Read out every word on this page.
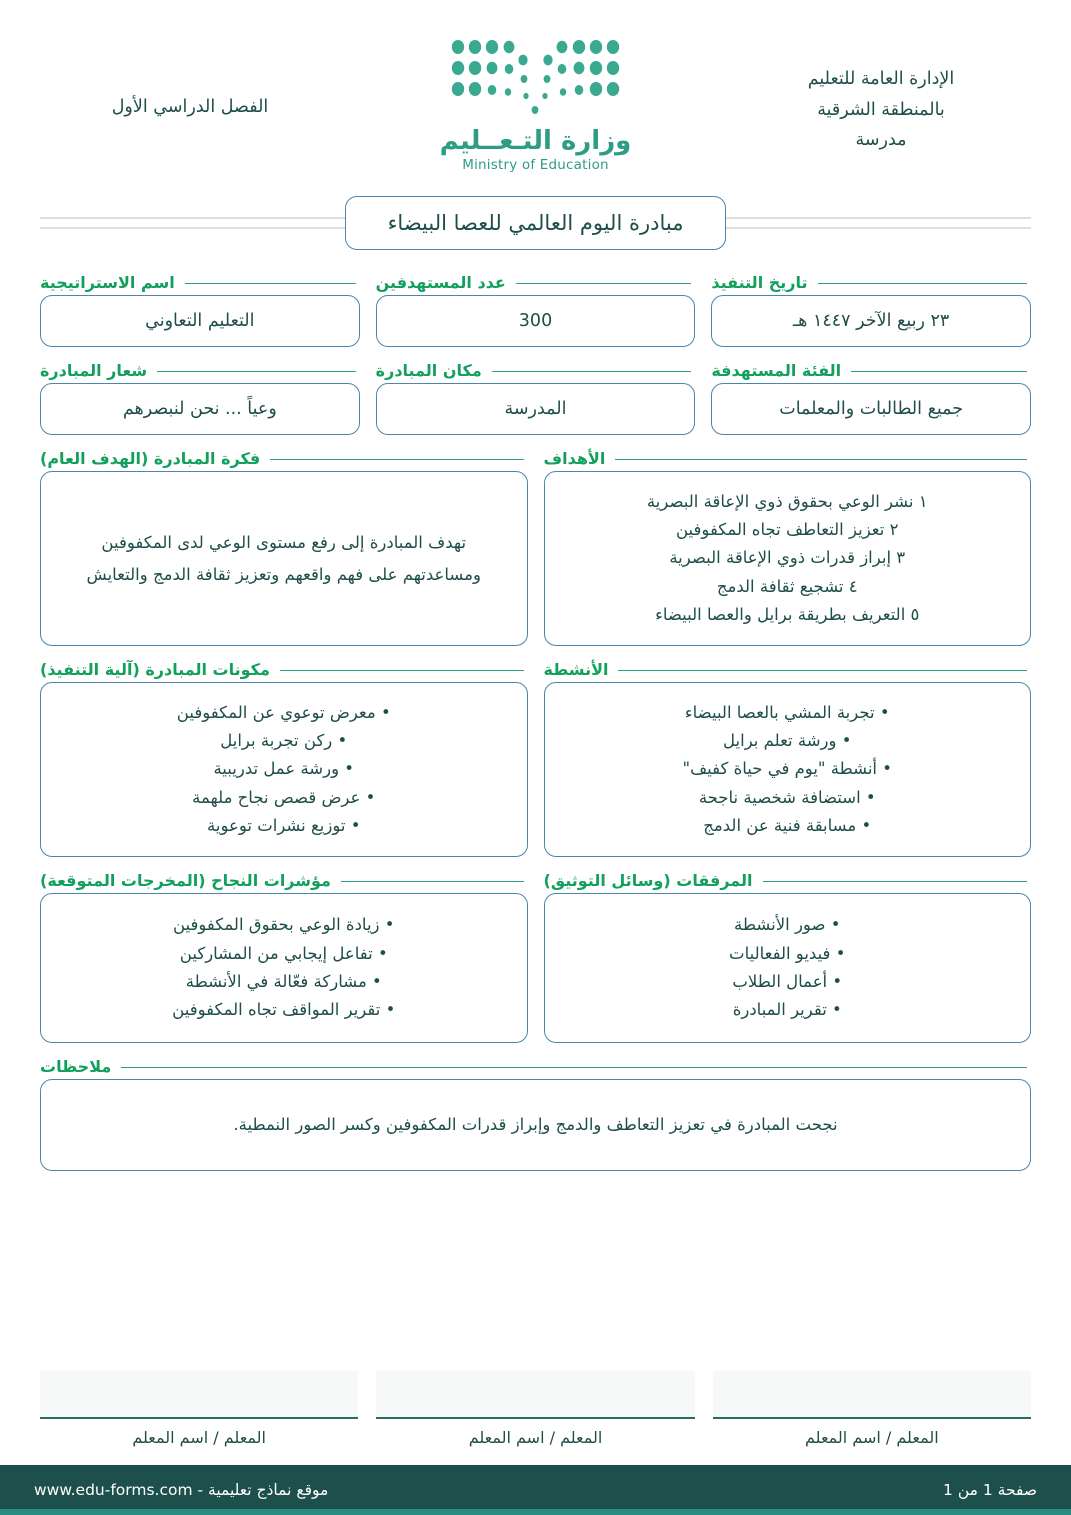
الإدارة العامة للتعليم
بالمنطقة الشرقية
مدرسة
وزارة التـعــليم
Ministry of Education
الفصل الدراسي الأول
مبادرة اليوم العالمي للعصا البيضاء
تاريخ التنفيذ
٢٣ ربيع الآخر ١٤٤٧ هـ
عدد المستهدفين
300
اسم الاستراتيجية
التعليم التعاوني
الفئة المستهدفة
جميع الطالبات والمعلمات
مكان المبادرة
المدرسة
شعار المبادرة
وعياً ... نحن لنبصرهم
الأهداف
١ نشر الوعي بحقوق ذوي الإعاقة البصرية
٢ تعزيز التعاطف تجاه المكفوفين
٣ إبراز قدرات ذوي الإعاقة البصرية
٤ تشجيع ثقافة الدمج
٥ التعريف بطريقة برايل والعصا البيضاء
فكرة المبادرة (الهدف العام)

تهدف المبادرة إلى رفع مستوى الوعي لدى المكفوفين ومساعدتهم على فهم واقعهم وتعزيز ثقافة الدمج والتعايش

الأنشطة
• تجربة المشي بالعصا البيضاء
• ورشة تعلم برايل
• أنشطة "يوم في حياة كفيف"
• استضافة شخصية ناجحة
• مسابقة فنية عن الدمج
مكونات المبادرة (آلية التنفيذ)
• معرض توعوي عن المكفوفين
• ركن تجربة برايل
• ورشة عمل تدريبية
• عرض قصص نجاح ملهمة
• توزيع نشرات توعوية
المرفقات (وسائل التوثيق)
• صور الأنشطة
• فيديو الفعاليات
• أعمال الطلاب
• تقرير المبادرة
مؤشرات النجاح (المخرجات المتوقعة)
• زيادة الوعي بحقوق المكفوفين
• تفاعل إيجابي من المشاركين
• مشاركة فعّالة في الأنشطة
• تقرير المواقف تجاه المكفوفين
ملاحظات

نجحت المبادرة في تعزيز التعاطف والدمج وإبراز قدرات المكفوفين وكسر الصور النمطية.

المعلم / اسم المعلم
المعلم / اسم المعلم
المعلم / اسم المعلم
صفحة 1 من 1
www.edu-forms.com - موقع نماذج تعليمية
